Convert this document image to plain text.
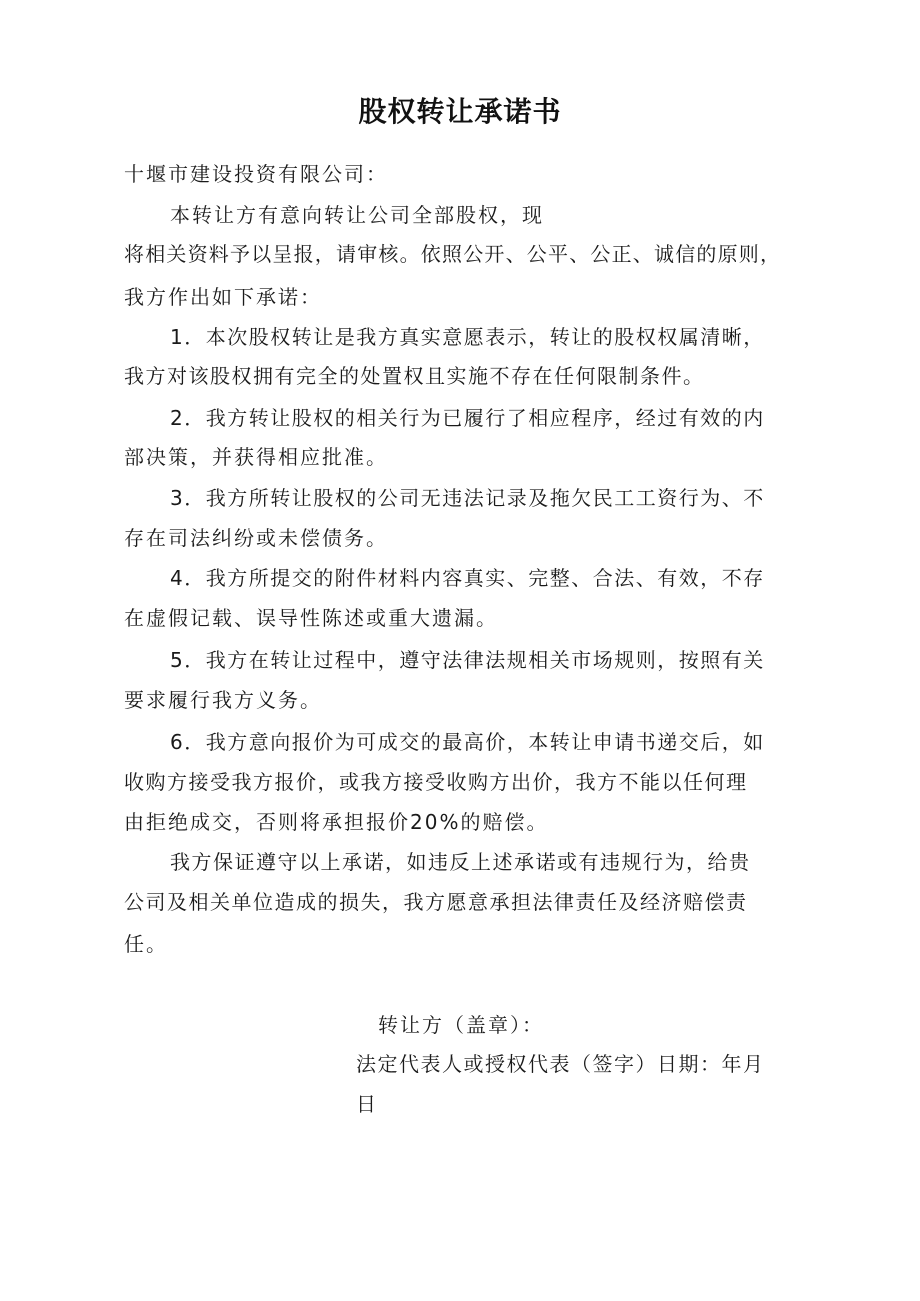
股权转让承诺书
十堰市建设投资有限公司：
本转让方有意向转让公司全部股权，现
将相关资料予以呈报，请审核。依照公开、公平、公正、诚信的原则，
我方作出如下承诺：
1．本次股权转让是我方真实意愿表示，转让的股权权属清晰，
我方对该股权拥有完全的处置权且实施不存在任何限制条件。
2．我方转让股权的相关行为已履行了相应程序，经过有效的内
部决策，并获得相应批准。
3．我方所转让股权的公司无违法记录及拖欠民工工资行为、不
存在司法纠纷或未偿债务。
4．我方所提交的附件材料内容真实、完整、合法、有效，不存
在虚假记载、误导性陈述或重大遗漏。
5．我方在转让过程中，遵守法律法规相关市场规则，按照有关
要求履行我方义务。
6．我方意向报价为可成交的最高价，本转让申请书递交后，如
收购方接受我方报价，或我方接受收购方出价，我方不能以任何理
由拒绝成交，否则将承担报价20%的赔偿。
我方保证遵守以上承诺，如违反上述承诺或有违规行为，给贵
公司及相关单位造成的损失，我方愿意承担法律责任及经济赔偿责
任。
转让方（盖章）：
法定代表人或授权代表（签字）日期：年月
日
